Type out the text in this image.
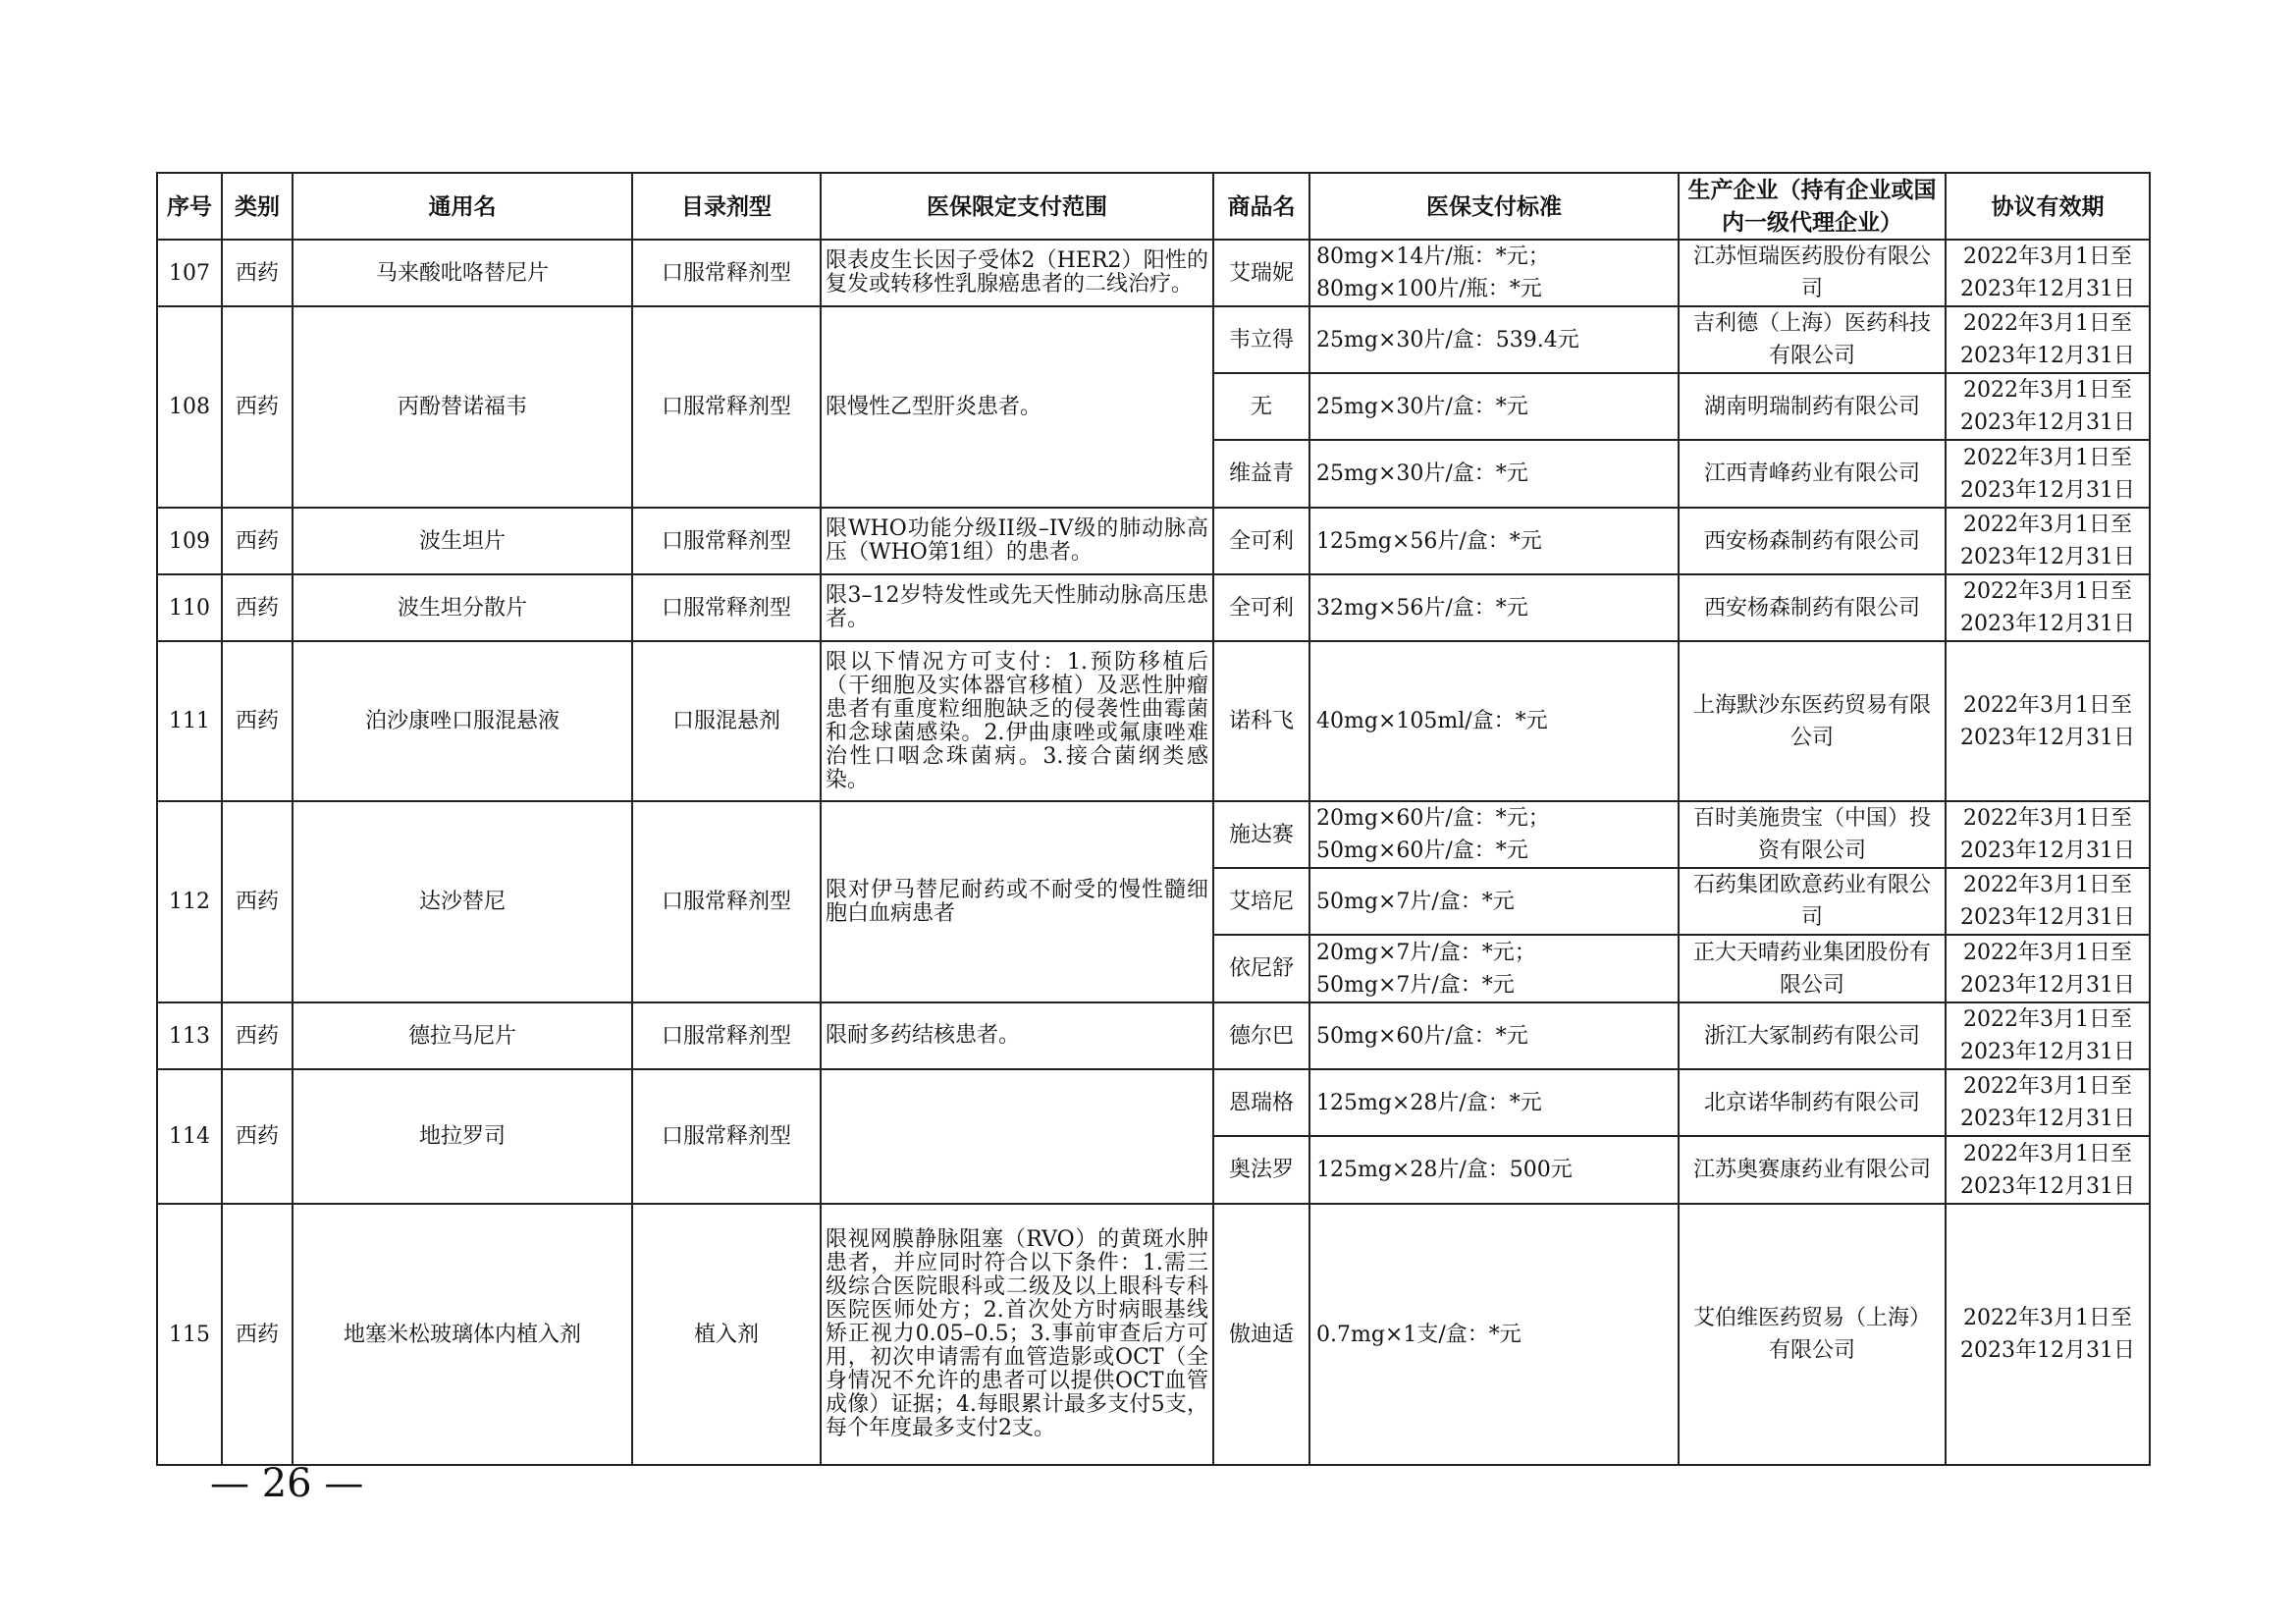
序号	类别	通用名	目录剂型	医保限定支付范围	商品名	医保支付标准	生产企业（持有企业或国内一级代理企业）	协议有效期
107	西药	马来酸吡咯替尼片	口服常释剂型	限表皮生长因子受体2（HER2）阳性的复发或转移性乳腺癌患者的二线治疗。	艾瑞妮	80mg×14片/瓶：*元；
80mg×100片/瓶：*元	江苏恒瑞医药股份有限公司	2022年3月1日至
2023年12月31日

108	西药	丙酚替诺福韦	口服常释剂型	限慢性乙型肝炎患者。	韦立得	25mg×30片/盒：539.4元	吉利德（上海）医药科技有限公司	2022年3月1日至
2023年12月31日

					无	25mg×30片/盒：*元	湖南明瑞制药有限公司	2022年3月1日至
2023年12月31日

					维益青	25mg×30片/盒：*元	江西青峰药业有限公司	2022年3月1日至
2023年12月31日

109	西药	波生坦片	口服常释剂型	限WHO功能分级II级–IV级的肺动脉高压（WHO第1组）的患者。	全可利	125mg×56片/盒：*元	西安杨森制药有限公司	2022年3月1日至
2023年12月31日

110	西药	波生坦分散片	口服常释剂型	限3–12岁特发性或先天性肺动脉高压患者。	全可利	32mg×56片/盒：*元	西安杨森制药有限公司	2022年3月1日至
2023年12月31日

111	西药	泊沙康唑口服混悬液	口服混悬剂	限以下情况方可支付：1.预防移植后（干细胞及实体器官移植）及恶性肿瘤患者有重度粒细胞缺乏的侵袭性曲霉菌和念球菌感染。2.伊曲康唑或氟康唑难治性口咽念珠菌病。3.接合菌纲类感染。	诺科飞	40mg×105ml/盒：*元	上海默沙东医药贸易有限公司	2022年3月1日至
2023年12月31日

112	西药	达沙替尼	口服常释剂型	限对伊马替尼耐药或不耐受的慢性髓细胞白血病患者	施达赛	20mg×60片/盒：*元；
50mg×60片/盒：*元	百时美施贵宝（中国）投资有限公司	2022年3月1日至
2023年12月31日

					艾培尼	50mg×7片/盒：*元	石药集团欧意药业有限公司	2022年3月1日至
2023年12月31日

					依尼舒	20mg×7片/盒：*元；
50mg×7片/盒：*元	正大天晴药业集团股份有限公司	2022年3月1日至
2023年12月31日

113	西药	德拉马尼片	口服常释剂型	限耐多药结核患者。	德尔巴	50mg×60片/盒：*元	浙江大冢制药有限公司	2022年3月1日至
2023年12月31日

114	西药	地拉罗司	口服常释剂型		恩瑞格	125mg×28片/盒：*元	北京诺华制药有限公司	2022年3月1日至
2023年12月31日

					奥法罗	125mg×28片/盒：500元	江苏奥赛康药业有限公司	2022年3月1日至
2023年12月31日

115	西药	地塞米松玻璃体内植入剂	植入剂	限视网膜静脉阻塞（RVO）的黄斑水肿患者，并应同时符合以下条件：1.需三级综合医院眼科或二级及以上眼科专科医院医师处方；2.首次处方时病眼基线矫正视力0.05–0.5；3.事前审查后方可用，初次申请需有血管造影或OCT（全身情况不允许的患者可以提供OCT血管成像）证据；4.每眼累计最多支付5支，每个年度最多支付2支。	傲迪适	0.7mg×1支/盒：*元	艾伯维医药贸易（上海）有限公司	2022年3月1日至
2023年12月31日
— 26 —
